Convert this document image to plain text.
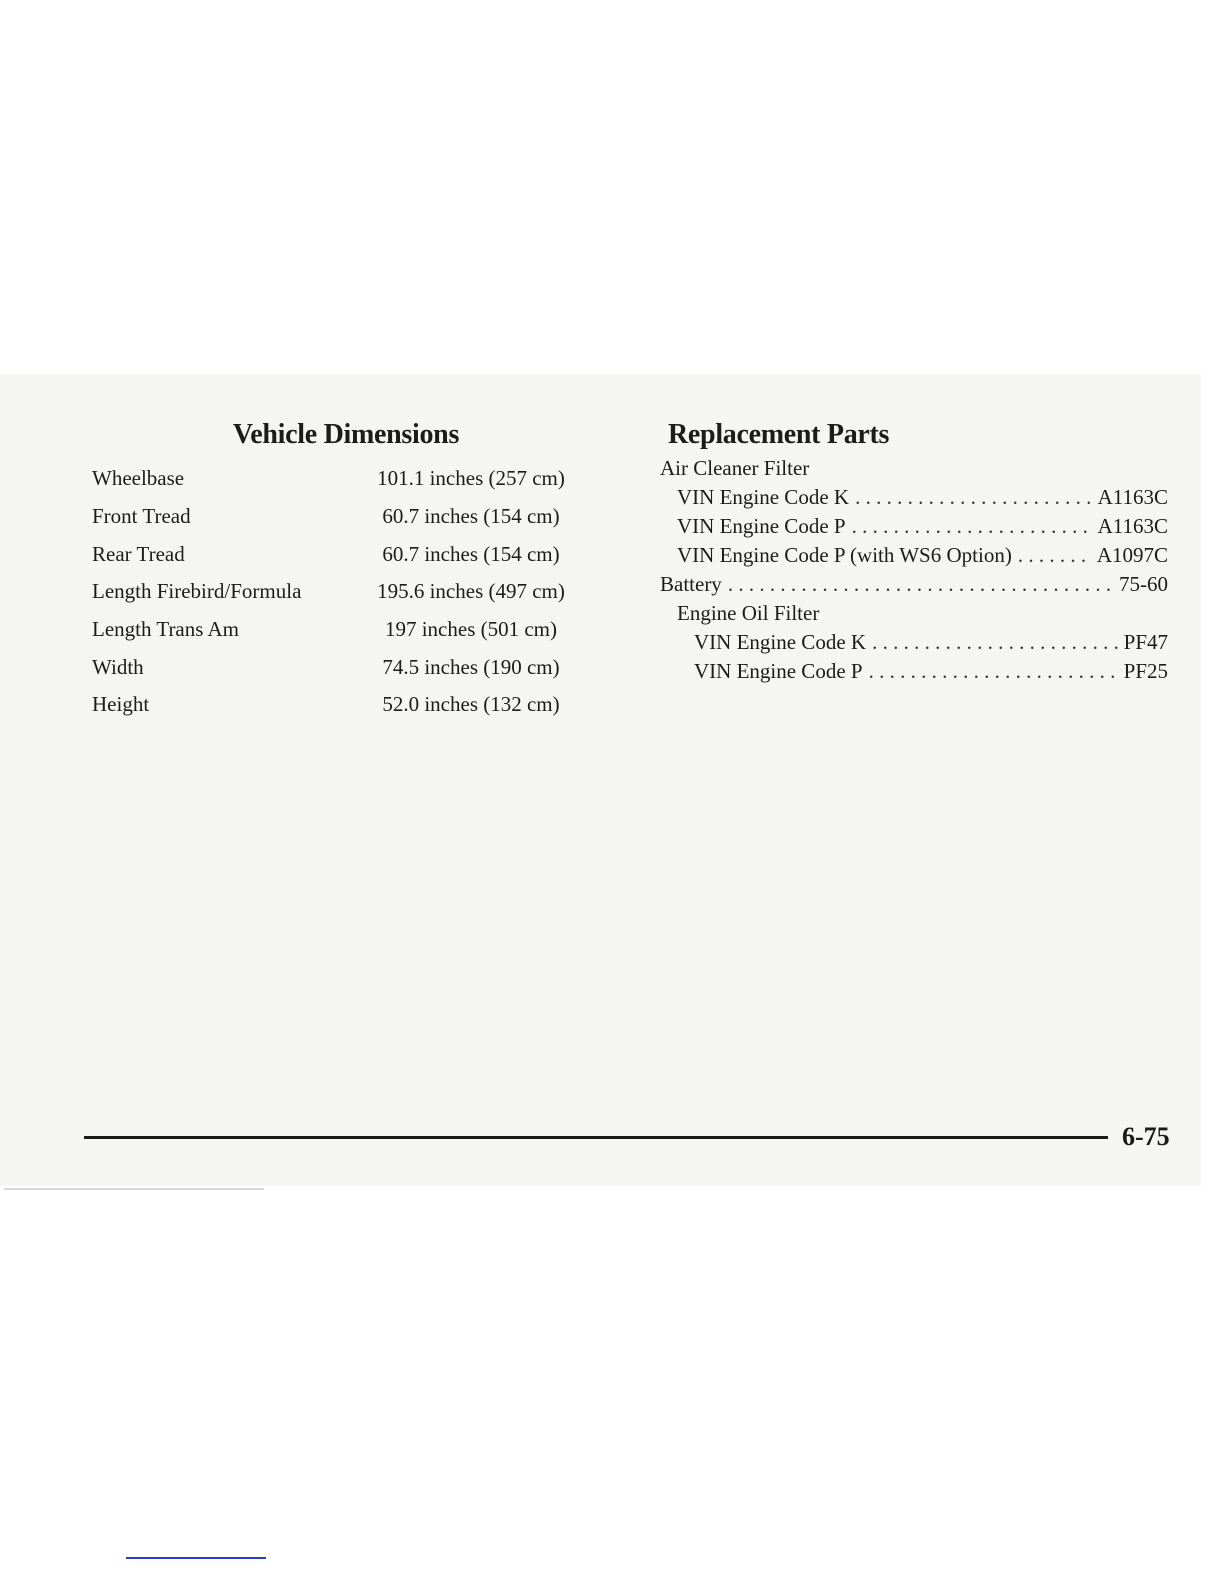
Vehicle Dimensions
Wheelbase	101.1 inches (257 cm)
Front Tread	60.7 inches (154 cm)
Rear Tread	60.7 inches (154 cm)
Length Firebird/Formula	195.6 inches (497 cm)
Length Trans Am	197 inches (501 cm)
Width	74.5 inches (190 cm)
Height	52.0 inches (132 cm)
Replacement Parts
Air Cleaner Filter
VIN Engine Code K . . .	A1163C
VIN Engine Code P . . .	A1163C
VIN Engine Code P (with WS6 Option) . . .	A1097C
Battery . . .	75-60
Engine Oil Filter
VIN Engine Code K . . .	PF47
VIN Engine Code P . . .	PF25
6-75
